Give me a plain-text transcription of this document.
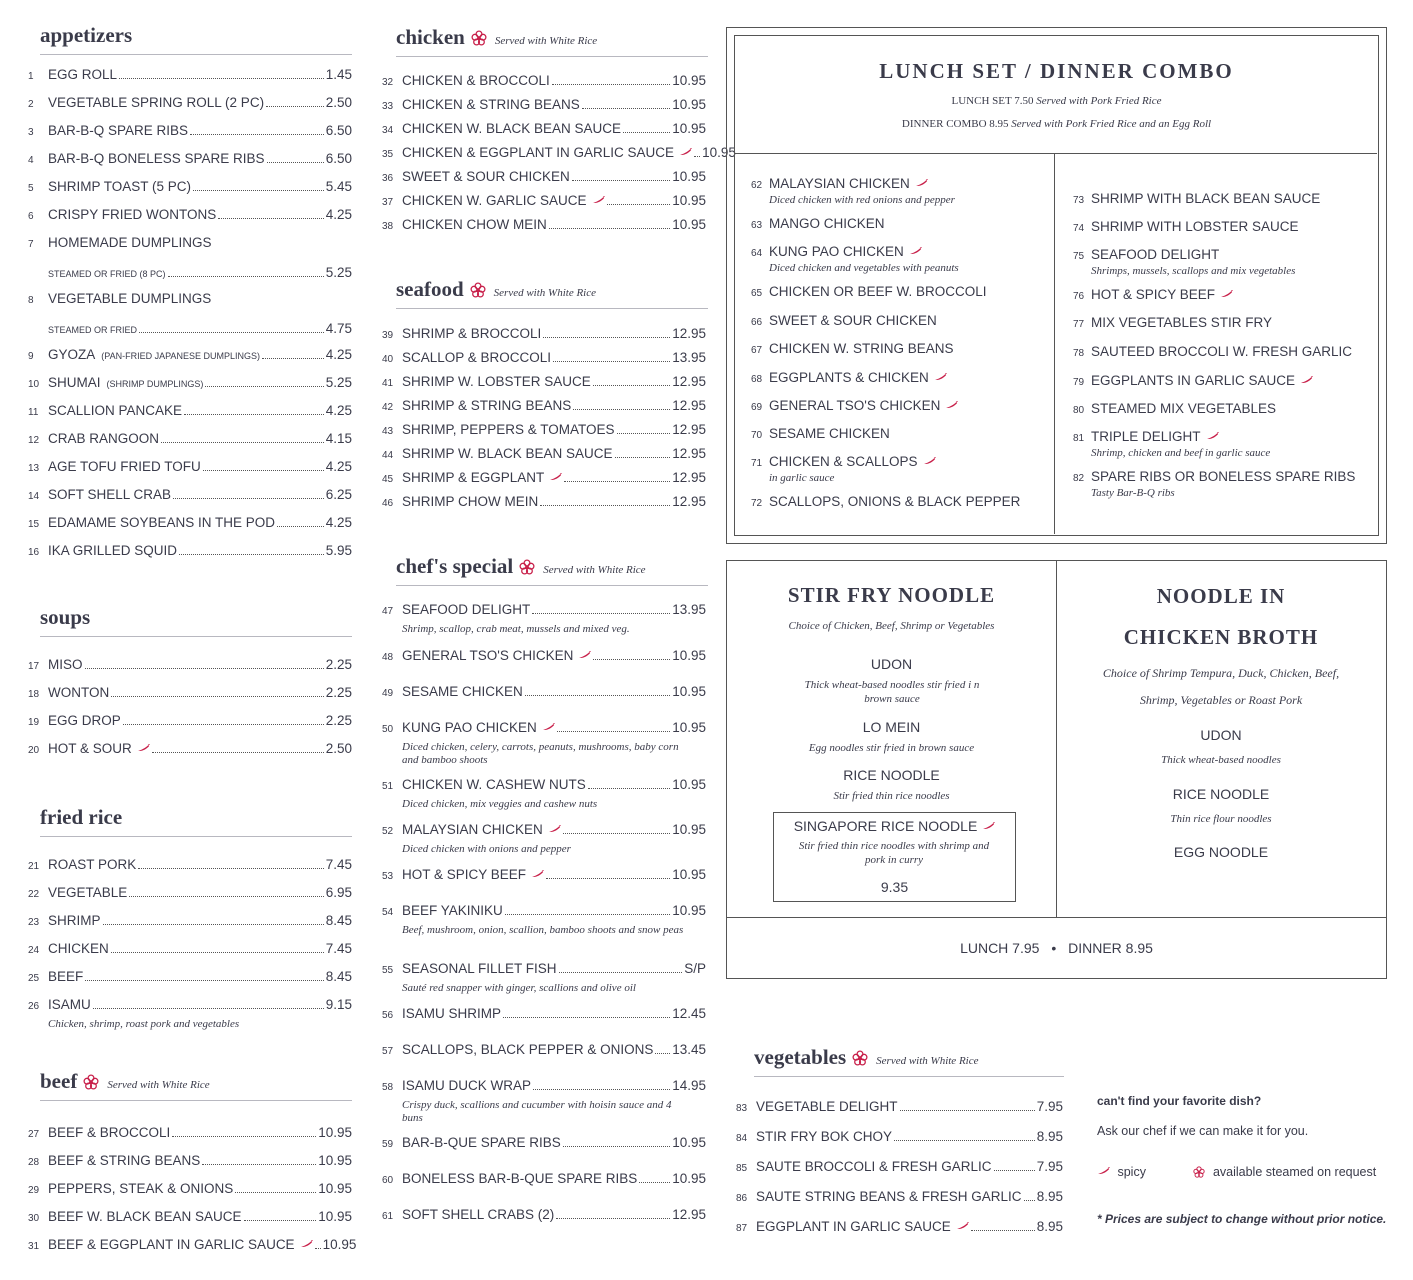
appetizers
1	EGG ROLL	1.45
2	VEGETABLE SPRING ROLL (2 PC)	2.50
3	BAR-B-Q SPARE RIBS	6.50
4	BAR-B-Q BONELESS SPARE RIBS	6.50
5	SHRIMP TOAST (5 PC)	5.45
6	CRISPY FRIED WONTONS	4.25
7	HOMEMADE DUMPLINGS
STEAMED OR FRIED (8 PC)	5.25
8	VEGETABLE DUMPLINGS
STEAMED OR FRIED	4.75
9	GYOZA (PAN-FRIED JAPANESE DUMPLINGS)	4.25
10 SHUMAI (SHRIMP DUMPLINGS)	5.25
11 SCALLION PANCAKE	4.25
12 CRAB RANGOON	4.15
13 AGE TOFU FRIED TOFU	4.25
14 SOFT SHELL CRAB	6.25
15 EDAMAME SOYBEANS IN THE POD	4.25
16 IKA GRILLED SQUID	5.95
soups
17 MISO	2.25
18 WONTON	2.25
19 EGG DROP	2.25
20 HOT & SOUR	2.50
fried rice
21 ROAST PORK	7.45
22 VEGETABLE	6.95
23 SHRIMP	8.45
24 CHICKEN	7.45
25 BEEF	8.45
26 ISAMU	9.15
Chicken, shrimp, roast pork and vegetables
beef	Served with White Rice
27 BEEF & BROCCOLI	10.95
28 BEEF & STRING BEANS	10.95
29 PEPPERS, STEAK & ONIONS	10.95
30 BEEF W. BLACK BEAN SAUCE	10.95
31 BEEF & EGGPLANT IN GARLIC SAUCE 10.95
chicken	Served with White Rice
32 CHICKEN & BROCCOLI	10.95
33 CHICKEN & STRING BEANS	10.95
34 CHICKEN W. BLACK BEAN SAUCE	10.95
35 CHICKEN & EGGPLANT IN GARLIC SAUCE 10.95
36 SWEET & SOUR CHICKEN	10.95
37 CHICKEN W. GARLIC SAUCE	10.95
38 CHICKEN CHOW MEIN	10.95
seafood	Served with White Rice
39 SHRIMP & BROCCOLI	12.95
40 SCALLOP & BROCCOLI	13.95
41 SHRIMP W. LOBSTER SAUCE	12.95
42 SHRIMP & STRING BEANS	12.95
43 SHRIMP, PEPPERS & TOMATOES	12.95
44 SHRIMP W. BLACK BEAN SAUCE	12.95
45 SHRIMP & EGGPLANT	12.95
46 SHRIMP CHOW MEIN	12.95
chef's special	Served with White Rice
47 SEAFOOD DELIGHT	13.95
Shrimp, scallop, crab meat, mussels and mixed veg.
48 GENERAL TSO'S CHICKEN	10.95
49 SESAME CHICKEN	10.95
50 KUNG PAO CHICKEN	10.95
Diced chicken, celery, carrots, peanuts, mushrooms, baby corn and bamboo shoots
51 CHICKEN W. CASHEW NUTS	10.95
Diced chicken, mix veggies and cashew nuts
52 MALAYSIAN CHICKEN	10.95
Diced chicken with onions and pepper
53 HOT & SPICY BEEF	10.95
54 BEEF YAKINIKU	10.95
Beef, mushroom, onion, scallion, bamboo shoots and snow peas
55 SEASONAL FILLET FISH	S/P
Sauté red snapper with ginger, scallions and olive oil
56 ISAMU SHRIMP	12.45
57 SCALLOPS, BLACK PEPPER & ONIONS 13.45
58 ISAMU DUCK WRAP	14.95
Crispy duck, scallions and cucumber with hoisin sauce and 4 buns
59 BAR-B-QUE SPARE RIBS	10.95
60 BONELESS BAR-B-QUE SPARE RIBS	10.95
61 SOFT SHELL CRABS (2)	12.95
LUNCH SET / DINNER COMBO
LUNCH SET 7.50 Served with Pork Fried Rice
DINNER COMBO 8.95 Served with Pork Fried Rice and an Egg Roll
62 MALAYSIAN CHICKEN
Diced chicken with red onions and pepper
63 MANGO CHICKEN
64 KUNG PAO CHICKEN
Diced chicken and vegetables with peanuts
65 CHICKEN OR BEEF W. BROCCOLI
66 SWEET & SOUR CHICKEN
67 CHICKEN W. STRING BEANS
68 EGGPLANTS & CHICKEN
69 GENERAL TSO'S CHICKEN
70 SESAME CHICKEN
71 CHICKEN & SCALLOPS
in garlic sauce
72 SCALLOPS, ONIONS & BLACK PEPPER
73 SHRIMP WITH BLACK BEAN SAUCE
74 SHRIMP WITH LOBSTER SAUCE
75 SEAFOOD DELIGHT
Shrimps, mussels, scallops and mix vegetables
76 HOT & SPICY BEEF
77 MIX VEGETABLES STIR FRY
78 SAUTEED BROCCOLI W. FRESH GARLIC
79 EGGPLANTS IN GARLIC SAUCE
80 STEAMED MIX VEGETABLES
81 TRIPLE DELIGHT
Shrimp, chicken and beef in garlic sauce
82 SPARE RIBS OR BONELESS SPARE RIBS
Tasty Bar-B-Q ribs
STIR FRY NOODLE
Choice of Chicken, Beef, Shrimp or Vegetables
UDON
Thick wheat-based noodles stir fried i n brown sauce
LO MEIN
Egg noodles stir fried in brown sauce
RICE NOODLE
Stir fried thin rice noodles
SINGAPORE RICE NOODLE
Stir fried thin rice noodles with shrimp and pork in curry
9.35
NOODLE IN
CHICKEN BROTH
Choice of Shrimp Tempura, Duck, Chicken, Beef,
Shrimp, Vegetables or Roast Pork
UDON
Thick wheat-based noodles
RICE NOODLE
Thin rice flour noodles
EGG NOODLE
LUNCH 7.95 • DINNER 8.95
vegetables	Served with White Rice
83 VEGETABLE DELIGHT	7.95
84 STIR FRY BOK CHOY	8.95
85 SAUTE BROCCOLI & FRESH GARLIC	7.95
86 SAUTE STRING BEANS & FRESH GARLIC 8.95
87 EGGPLANT IN GARLIC SAUCE	8.95
can't find your favorite dish?
Ask our chef if we can make it for you.
spicy	available steamed on request
* Prices are subject to change without prior notice.
